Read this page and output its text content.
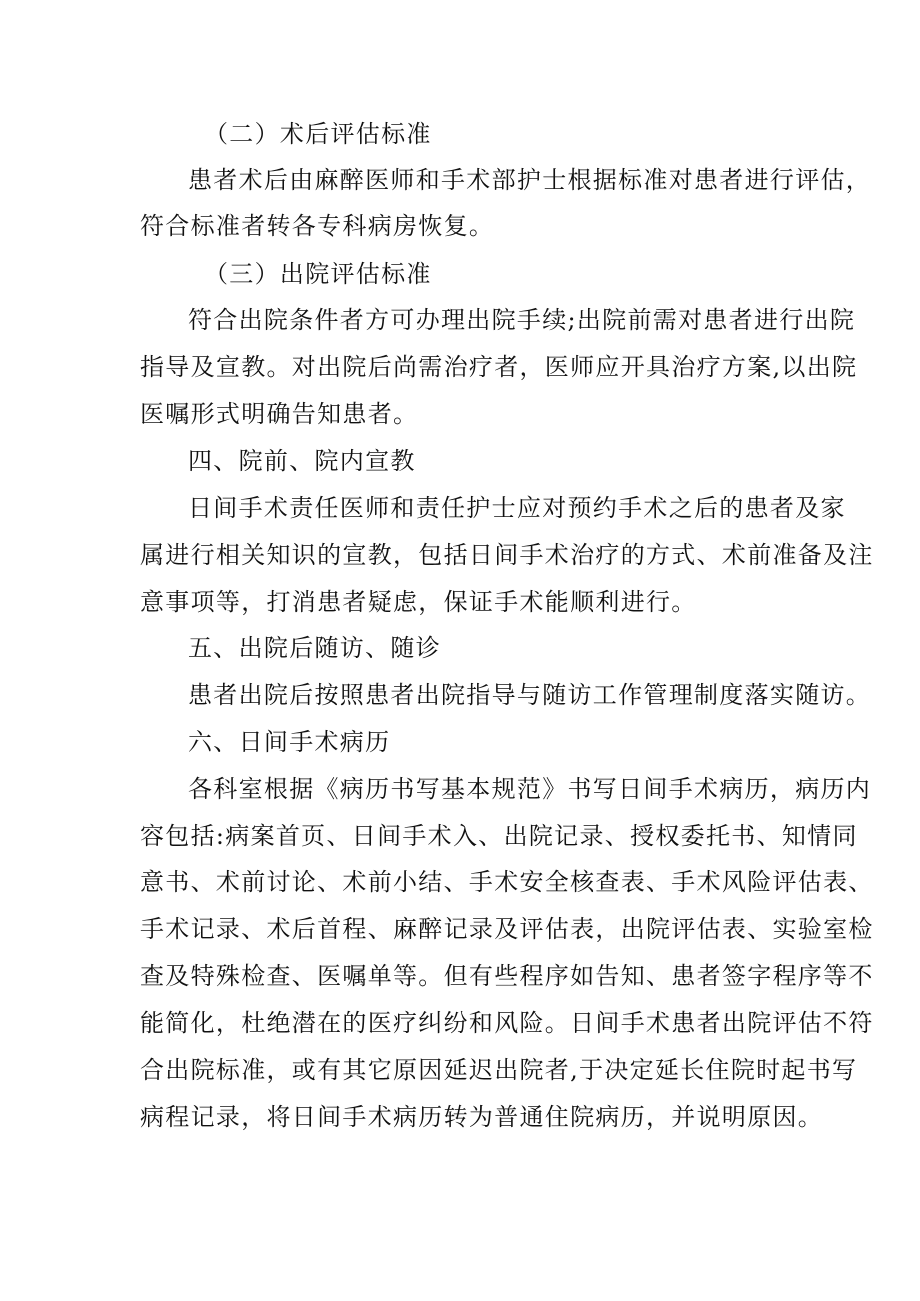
（二）术后评估标准
患者术后由麻醉医师和手术部护士根据标准对患者进行评估，
符合标准者转各专科病房恢复。
（三）出院评估标准
符合出院条件者方可办理出院手续;出院前需对患者进行出院
指导及宣教。对出院后尚需治疗者，医师应开具治疗方案,以出院
医嘱形式明确告知患者。
四、院前、院内宣教
日间手术责任医师和责任护士应对预约手术之后的患者及家
属进行相关知识的宣教，包括日间手术治疗的方式、术前准备及注
意事项等，打消患者疑虑，保证手术能顺利进行。
五、出院后随访、随诊
患者出院后按照患者出院指导与随访工作管理制度落实随访。
六、日间手术病历
各科室根据《病历书写基本规范》书写日间手术病历，病历内
容包括:病案首页、日间手术入、出院记录、授权委托书、知情同
意书、术前讨论、术前小结、手术安全核查表、手术风险评估表、
手术记录、术后首程、麻醉记录及评估表，出院评估表、实验室检
查及特殊检查、医嘱单等。但有些程序如告知、患者签字程序等不
能简化，杜绝潜在的医疗纠纷和风险。日间手术患者出院评估不符
合出院标准，或有其它原因延迟出院者,于决定延长住院时起书写
病程记录，将日间手术病历转为普通住院病历，并说明原因。
